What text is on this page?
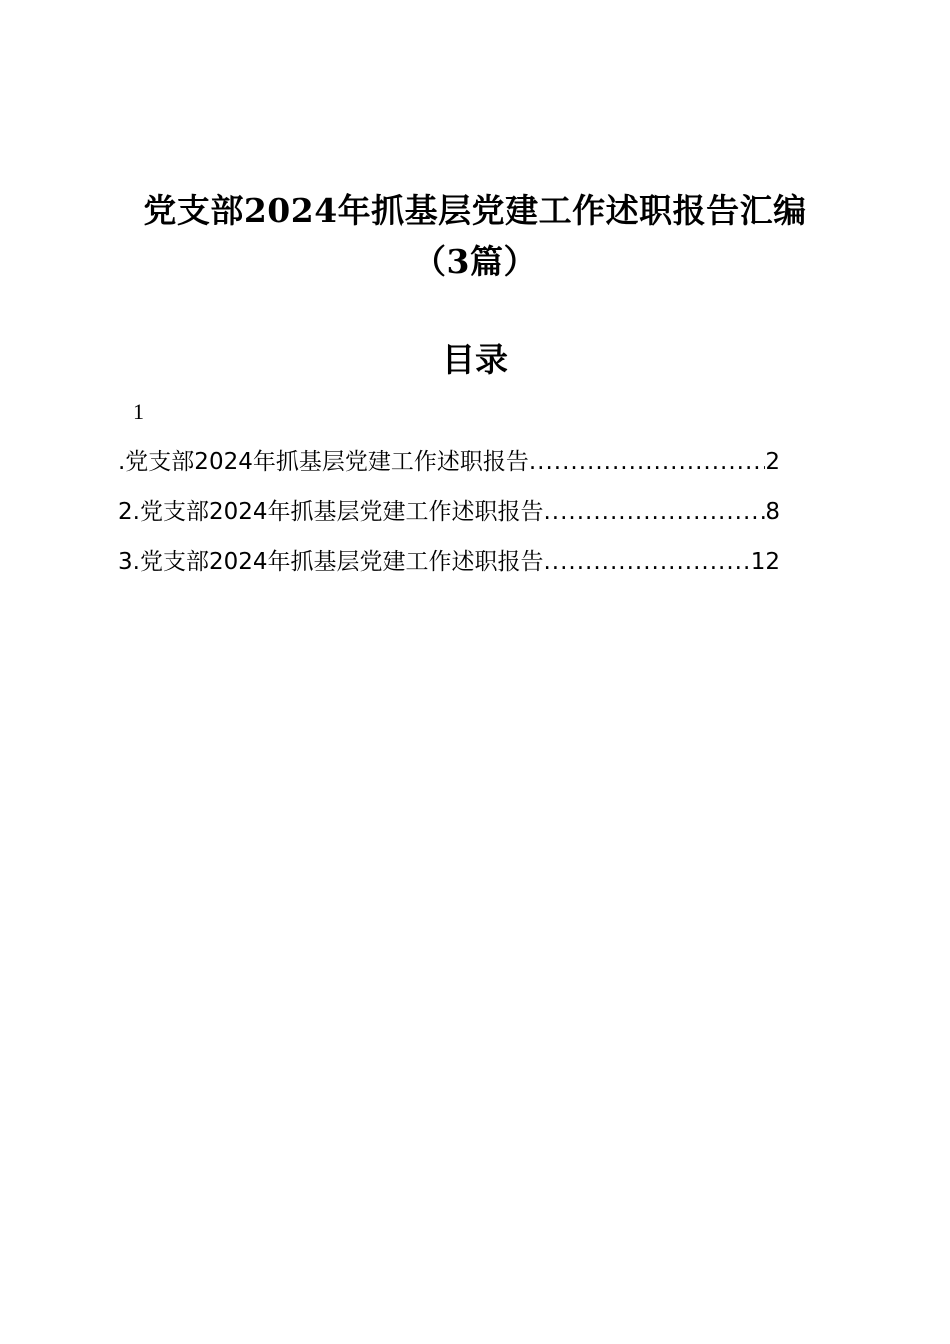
党支部2024年抓基层党建工作述职报告汇编
（3篇）
目录
1
.党支部2024年抓基层党建工作述职报告 .....	2
2.党支部2024年抓基层党建工作述职报告 .....	8
3.党支部2024年抓基层党建工作述职报告 .....	12
